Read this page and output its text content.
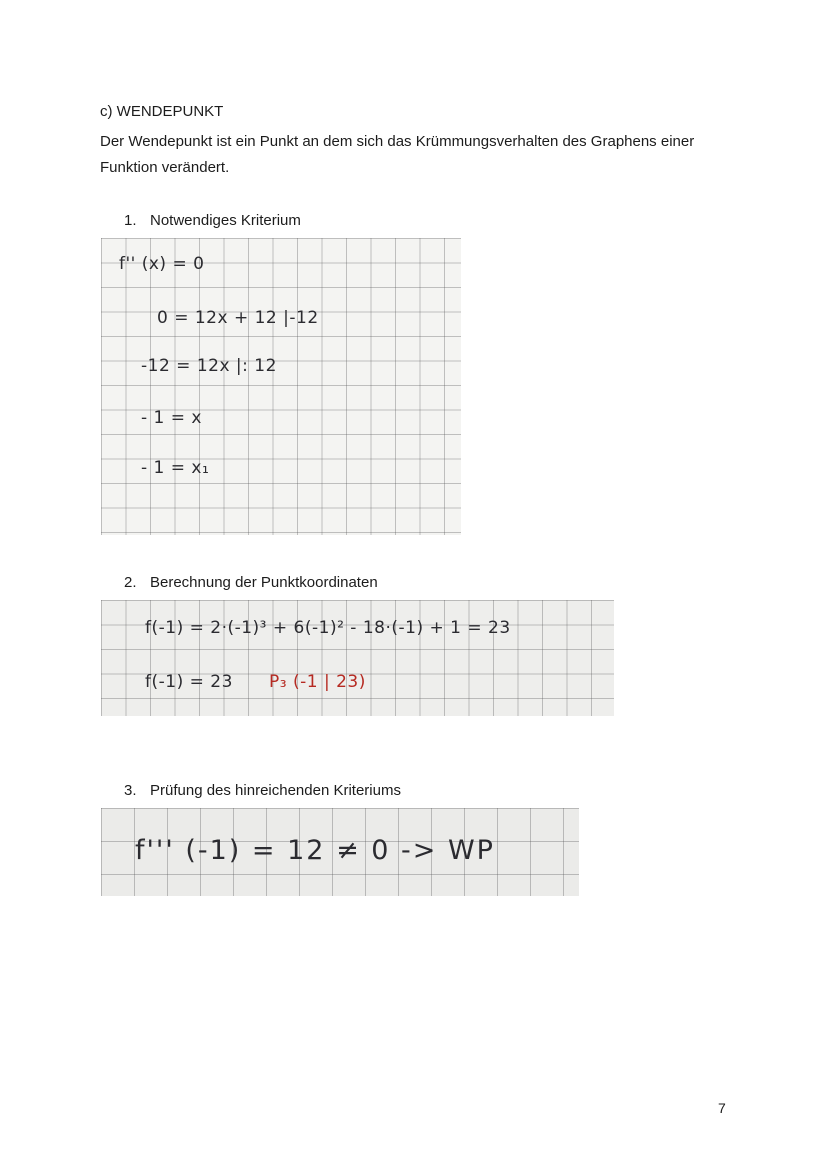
c) WENDEPUNKT

Der Wendepunkt ist ein Punkt an dem sich das Krümmungsverhalten des Graphens einer Funktion verändert.

1. Notwendiges Kriterium
f'' (x) = 0
0 = 12x + 12 |-12
-12 = 12x |: 12
- 1 = x
- 1 = x₁
2. Berechnung der Punktkoordinaten
f(-1) = 2·(-1)³ + 6(-1)² - 18·(-1) + 1 = 23
f(-1) = 23 P₃ (-1 | 23)
3. Prüfung des hinreichenden Kriteriums
f''' (-1) = 12 ≠ 0 -> WP
7
